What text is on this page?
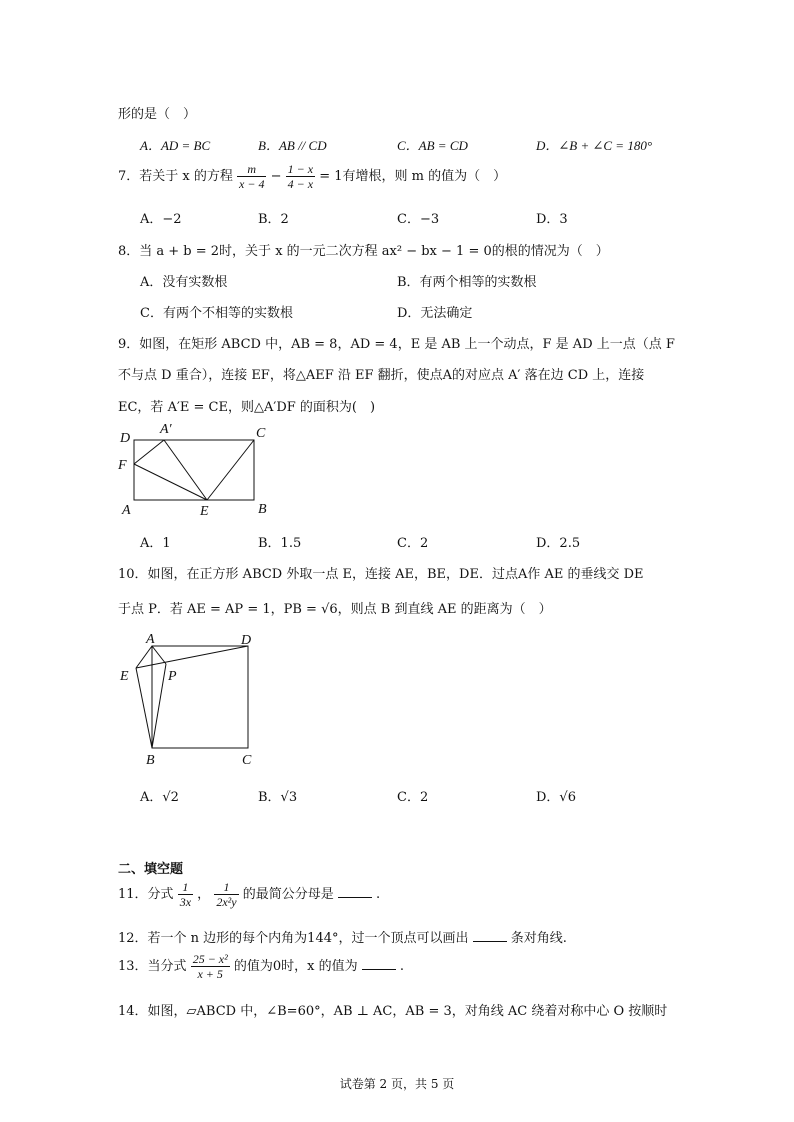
形的是（　）
A．AD = BC	B．AB // CD	C．AB = CD	D．∠B + ∠C = 180°
7．若关于 x 的方程 $\frac{m}{x - 4} - \frac{1 - x}{4 - x} = 1$有增根，则 m 的值为（　）
A．−2	B．2	C．−3	D．3
8．当 a + b = 2时，关于 x 的一元二次方程 ax² − bx − 1 = 0的根的情况为（　）
A．没有实数根	B．有两个相等的实数根
C．有两个不相等的实数根	D．无法确定
9．如图，在矩形 ABCD 中，AB = 8，AD = 4，E 是 AB 上一个动点，F 是 AD 上一点（点 F
不与点 D 重合），连接 EF，将△AEF 沿 EF 翻折，使点A的对应点 A′ 落在边 CD 上，连接
EC，若 A′E = CE，则△A′DF 的面积为(　)
D
A′	C
F
A	E	B
A．1	B．1.5	C．2	D．2.5
10．如图，在正方形 ABCD 外取一点 E，连接 AE，BE，DE．过点A作 AE 的垂线交 DE
于点 P．若 AE = AP = 1，PB = √6，则点 B 到直线 AE 的距离为（　）
A	D
E	P
B	C
A．√2	B．√3	C．2	D．√6
二、填空题
11．分式 $\frac{1}{3x}$ ， $\frac{1}{\text{2x²y}}$ 的最简公分母是	.
12．若一个 n 边形的每个内角为144°，过一个顶点可以画出	条对角线.
13．当分式 $\frac{\text{25 − x²}}{x + 5}$ 的值为0时，x 的值为	.
14．如图，▱ABCD 中，∠B=60°，AB ⊥ AC，AB = 3，对角线 AC 绕着对称中心 O 按顺时
试卷第 2 页，共 5 页
